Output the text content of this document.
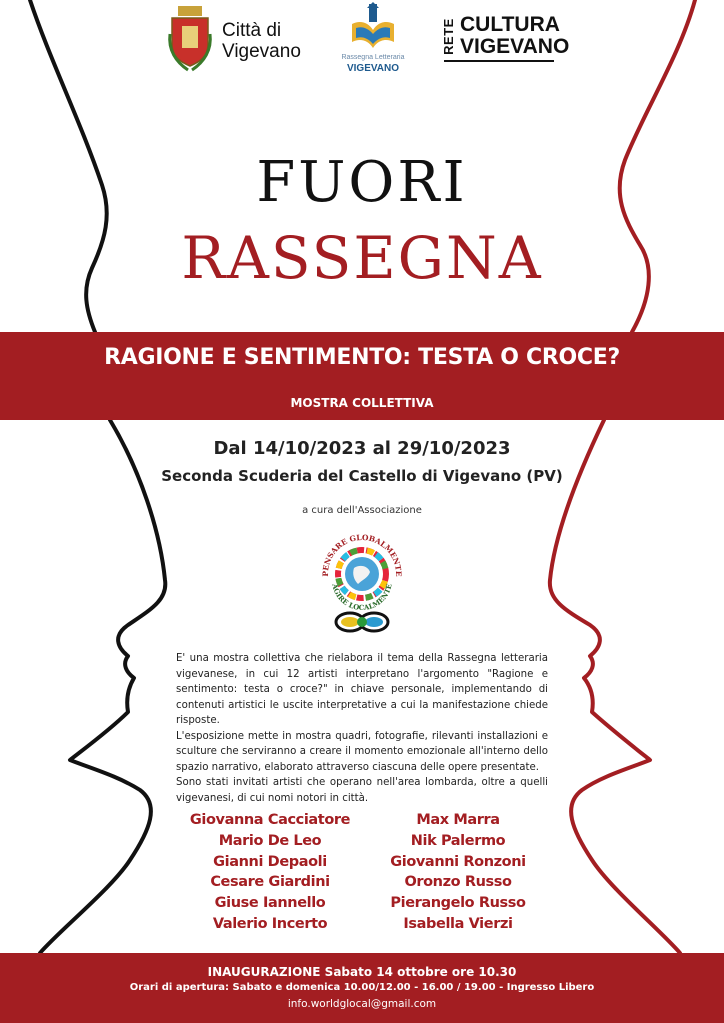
Città di
Vigevano	Rassegna Letteraria
VIGEVANO
RETE CULTURA
VIGEVANO
FUORI
RASSEGNA
RAGIONE E SENTIMENTO: TESTA O CROCE?
MOSTRA COLLETTIVA
Dal 14/10/2023 al 29/10/2023
Seconda Scuderia del Castello di Vigevano (PV)
a cura dell'Associazione
PENSARE GLOBALMENTE
AGIRE LOCALMENTE

E' una mostra collettiva che rielabora il tema della Rassegna letteraria vigevanese, in cui 12 artisti interpretano l'argomento "Ragione e sentimento: testa o croce?" in chiave personale, implementando di contenuti artistici le uscite interpretative a cui la manifestazione chiede risposte.

L'esposizione mette in mostra quadri, fotografie, rilevanti installazioni e sculture che serviranno a creare il momento emozionale all'interno dello spazio narrativo, elaborato attraverso ciascuna delle opere presentate.

Sono stati invitati artisti che operano nell'area lombarda, oltre a quelli vigevanesi, di cui nomi notori in città.

Giovanna Cacciatore
Mario De Leo
Gianni Depaoli
Cesare Giardini
Giuse Iannello
Valerio Incerto
Max Marra
Nik Palermo
Giovanni Ronzoni
Oronzo Russo
Pierangelo Russo
Isabella Vierzi
INAUGURAZIONE Sabato 14 ottobre ore 10.30
Orari di apertura: Sabato e domenica 10.00/12.00 - 16.00 / 19.00 - Ingresso Libero
info.worldglocal@gmail.com
